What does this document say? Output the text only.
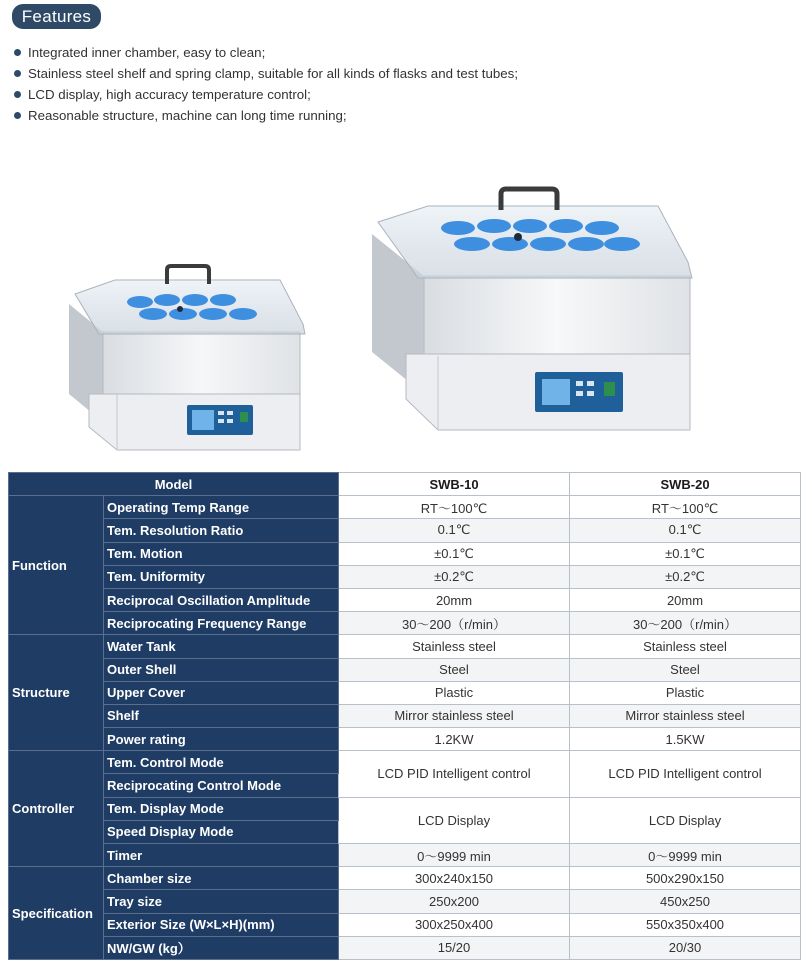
Features
Integrated inner chamber, easy to clean;
Stainless steel shelf and spring clamp, suitable for all kinds of flasks and test tubes;
LCD display, high accuracy temperature control;
Reasonable structure, machine can long time running;
Model		SWB-10	SWB-20
Function	Operating Temp Range	RT～100℃	RT～100℃
	Tem. Resolution Ratio	0.1℃	0.1℃
	Tem. Motion	±0.1℃	±0.1℃
	Tem. Uniformity	±0.2℃	±0.2℃
	Reciprocal Oscillation Amplitude	20mm	20mm
	Reciprocating Frequency Range	30～200（r/min）	30～200（r/min）
Structure	Water Tank	Stainless steel	Stainless steel
	Outer Shell	Steel	Steel
	Upper Cover	Plastic	Plastic
	Shelf	Mirror stainless steel	Mirror stainless steel
	Power rating	1.2KW	1.5KW
Controller	Tem. Control Mode	LCD PID Intelligent control	LCD PID Intelligent control
	Reciprocating Control Mode		
	Tem. Display Mode	LCD Display	LCD Display
	Speed Display Mode		
	Timer	0～9999 min	0～9999 min
Specification	Chamber size	300x240x150	500x290x150
	Tray size	250x200	450x250
	Exterior Size (W×L×H)(mm)	300x250x400	550x350x400
	NW/GW (kg）	15/20	20/30
